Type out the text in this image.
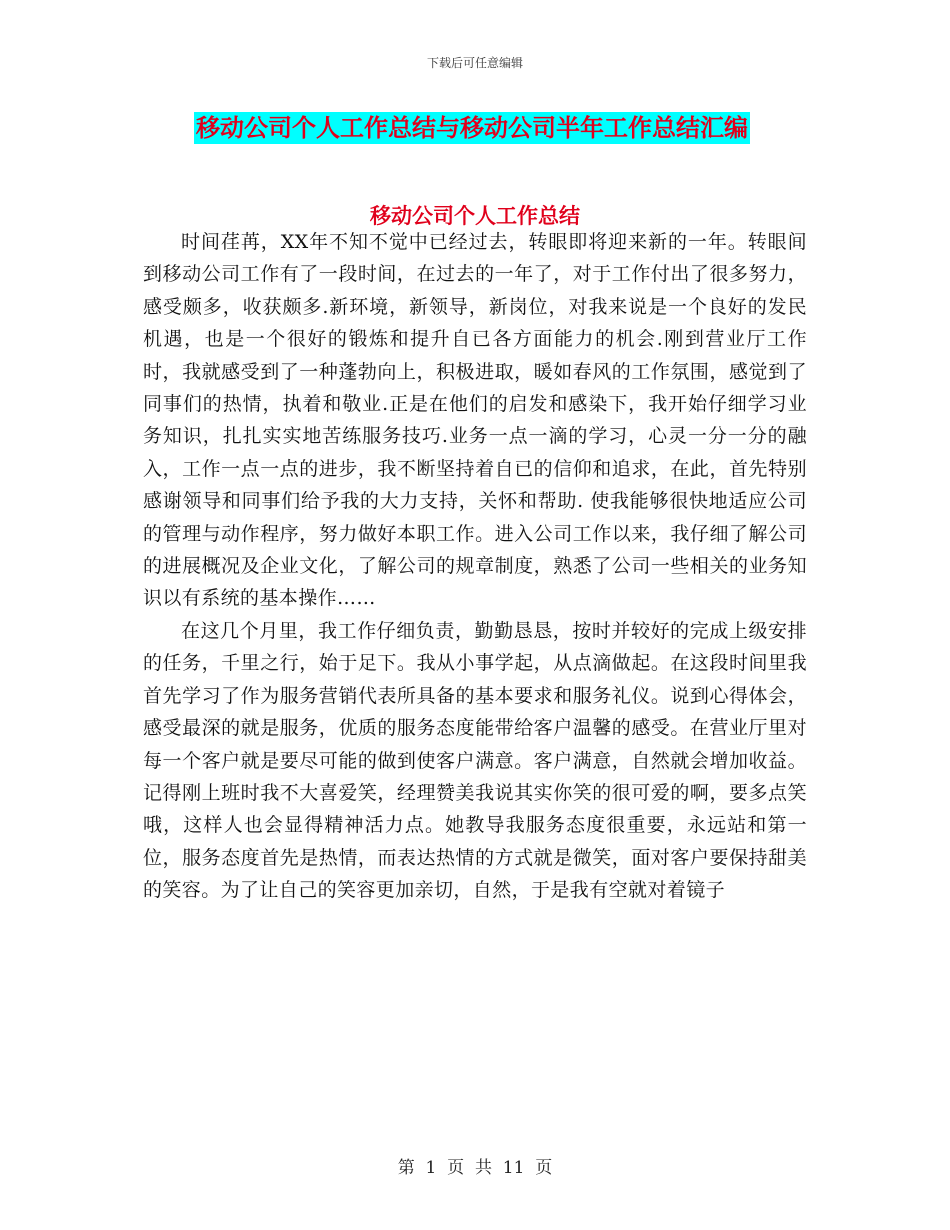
下载后可任意编辑
移动公司个人工作总结与移动公司半年工作总结汇编
移动公司个人工作总结

时间荏苒，XX年不知不觉中已经过去，转眼即将迎来新的一年。转眼间到移动公司工作有了一段时间，在过去的一年了，对于工作付出了很多努力，感受颇多，收获颇多.新环境，新领导，新岗位，对我来说是一个良好的发民机遇，也是一个很好的锻炼和提升自已各方面能力的机会.刚到营业厅工作时，我就感受到了一种蓬勃向上，积极进取，暖如春风的工作氛围，感觉到了同事们的热情，执着和敬业.正是在他们的启发和感染下，我开始仔细学习业务知识，扎扎实实地苦练服务技巧.业务一点一滴的学习，心灵一分一分的融入，工作一点一点的进步，我不断坚持着自已的信仰和追求，在此，首先特别感谢领导和同事们给予我的大力支持，关怀和帮助. 使我能够很快地适应公司的管理与动作程序，努力做好本职工作。进入公司工作以来，我仔细了解公司的进展概况及企业文化，了解公司的规章制度，熟悉了公司一些相关的业务知识以有系统的基本操作……

在这几个月里，我工作仔细负责，勤勤恳恳，按时并较好的完成上级安排的任务，千里之行，始于足下。我从小事学起，从点滴做起。在这段时间里我首先学习了作为服务营销代表所具备的基本要求和服务礼仪。说到心得体会，感受最深的就是服务，优质的服务态度能带给客户温馨的感受。在营业厅里对每一个客户就是要尽可能的做到使客户满意。客户满意，自然就会增加收益。记得刚上班时我不大喜爱笑，经理赞美我说其实你笑的很可爱的啊，要多点笑哦，这样人也会显得精神活力点。她教导我服务态度很重要，永远站和第一位，服务态度首先是热情，而表达热情的方式就是微笑，面对客户要保持甜美的笑容。为了让自己的笑容更加亲切，自然，于是我有空就对着镜子

第  1  页  共  11  页
